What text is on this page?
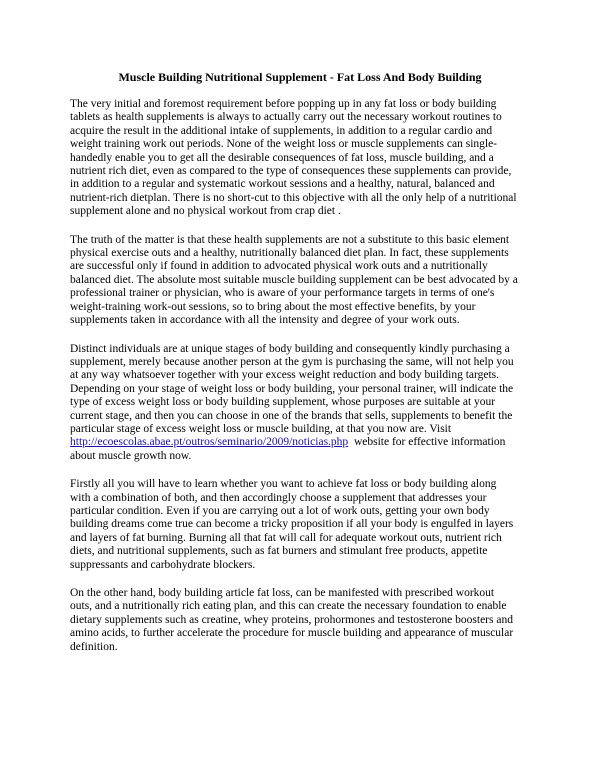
Muscle Building Nutritional Supplement - Fat Loss And Body Building

The very initial and foremost requirement before popping up in any fat loss or body building
tablets as health supplements is always to actually carry out the necessary workout routines to
acquire the result in the additional intake of supplements, in addition to a regular cardio and
weight training work out periods. None of the weight loss or muscle supplements can single-
handedly enable you to get all the desirable consequences of fat loss, muscle building, and a
nutrient rich diet, even as compared to the type of consequences these supplements can provide,
in addition to a regular and systematic workout sessions and a healthy, natural, balanced and
nutrient-rich dietplan. There is no short-cut to this objective with all the only help of a nutritional
supplement alone and no physical workout from crap diet .

The truth of the matter is that these health supplements are not a substitute to this basic element
physical exercise outs and a healthy, nutritionally balanced diet plan. In fact, these supplements
are successful only if found in addition to advocated physical work outs and a nutritionally
balanced diet. The absolute most suitable muscle building supplement can be best advocated by a
professional trainer or physician, who is aware of your performance targets in terms of one's
weight-training work-out sessions, so to bring about the most effective benefits, by your
supplements taken in accordance with all the intensity and degree of your work outs.

Distinct individuals are at unique stages of body building and consequently kindly purchasing a
supplement, merely because another person at the gym is purchasing the same, will not help you
at any way whatsoever together with your excess weight reduction and body building targets.
Depending on your stage of weight loss or body building, your personal trainer, will indicate the
type of excess weight loss or body building supplement, whose purposes are suitable at your
current stage, and then you can choose in one of the brands that sells, supplements to benefit the
particular stage of excess weight loss or muscle building, at that you now are. Visit
http://ecoescolas.abae.pt/outros/seminario/2009/noticias.php  website for effective information
about muscle growth now.

Firstly all you will have to learn whether you want to achieve fat loss or body building along
with a combination of both, and then accordingly choose a supplement that addresses your
particular condition. Even if you are carrying out a lot of work outs, getting your own body
building dreams come true can become a tricky proposition if all your body is engulfed in layers
and layers of fat burning. Burning all that fat will call for adequate workout outs, nutrient rich
diets, and nutritional supplements, such as fat burners and stimulant free products, appetite
suppressants and carbohydrate blockers.

On the other hand, body building article fat loss, can be manifested with prescribed workout
outs, and a nutritionally rich eating plan, and this can create the necessary foundation to enable
dietary supplements such as creatine, whey proteins, prohormones and testosterone boosters and
amino acids, to further accelerate the procedure for muscle building and appearance of muscular
definition.
